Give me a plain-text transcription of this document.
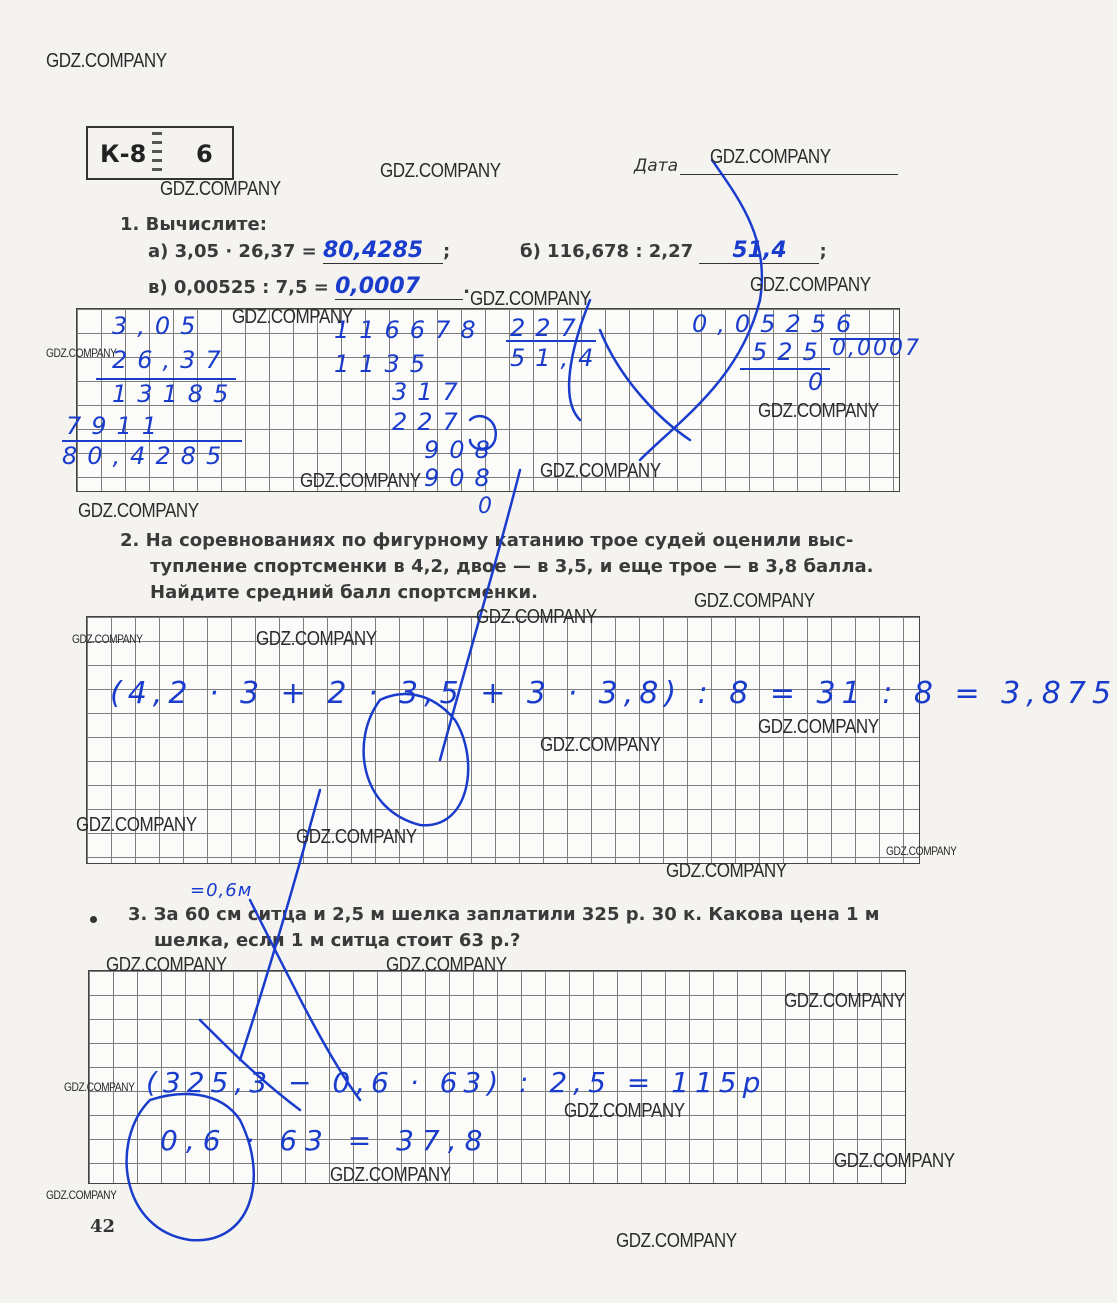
К-8 6	Дата
1. Вычислите:
а) 3,05 · 26,37 = 80,4285 ;	б) 116,678 : 2,27 51,4 ;
в) 0,00525 : 7,5 = 0,0007 .
3,05
26,37
13185
7911
80,4285
116678
1135
317
227
908
908
0
227
51,4
0,05256
525 0,0007
0
2. На соревнованиях по фигурному катанию трое судей оценили выс-
тупление спортсменки в 4,2, двое — в 3,5, и еще трое — в 3,8 балла.
Найдите средний балл спортсменки.
(4,2 · 3 + 2 · 3,5 + 3 · 3,8) : 8 = 31 : 8 = 3,875
=0,6м
3. За 60 см ситца и 2,5 м шелка заплатили 325 р. 30 к. Какова цена 1 м
шелка, если 1 м ситца стоит 63 р.?
(325,3 − 0,6 · 63) : 2,5 = 115р
0,6 · 63 = 37,8
42
GDZ.COMPANY
GDZ.COMPANY
GDZ.COMPANY
GDZ.COMPANY
GDZ.COMPANY
GDZ.COMPANY
GDZ.COMPANY
GDZ.COMPANY
GDZ.COMPANY
GDZ.COMPANY
GDZ.COMPANY
GDZ.COMPANY
GDZ.COMPANY
GDZ.COMPANY
GDZ.COMPANY
GDZ.COMPANY
GDZ.COMPANY
GDZ.COMPANY
GDZ.COMPANY
GDZ.COMPANY
GDZ.COMPANY
GDZ.COMPANY
GDZ.COMPANY	GDZ.COMPANY
GDZ.COMPANY
GDZ.COMPANY
GDZ.COMPANY
GDZ.COMPANY
GDZ.COMPANY
GDZ.COMPANY
GDZ.COMPANY
